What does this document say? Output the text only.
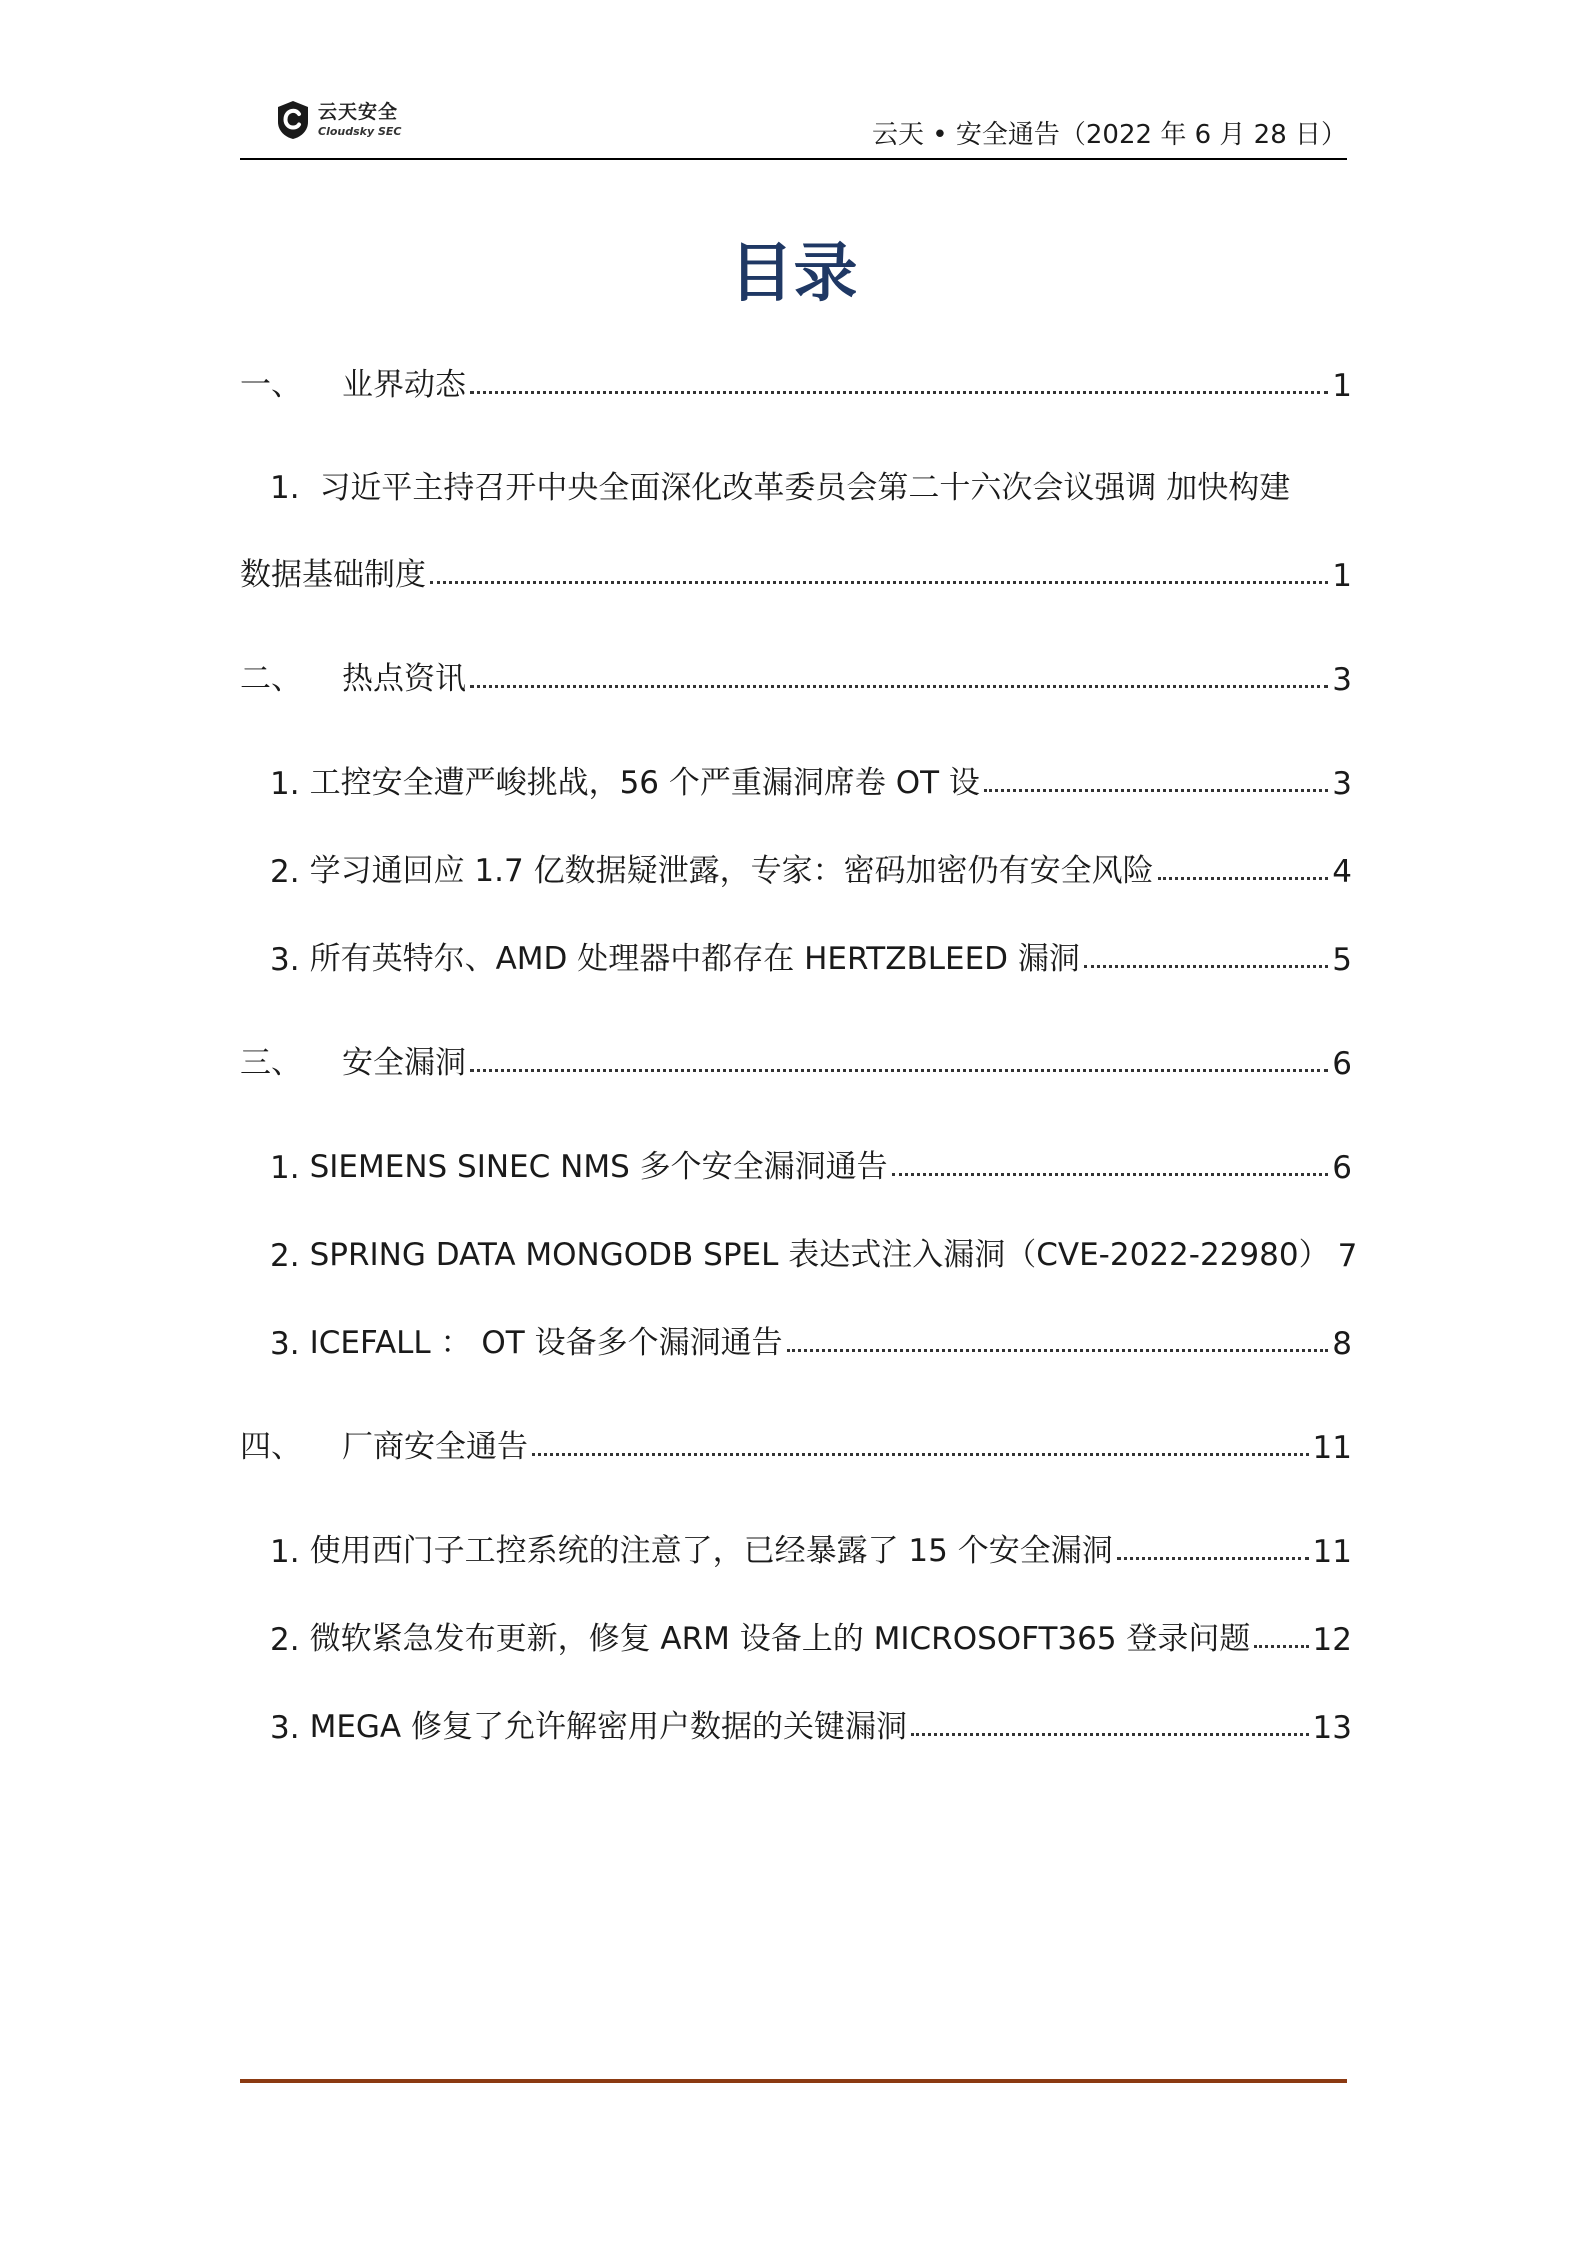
云天安全
Cloudsky SEC	云天 • 安全通告（2022 年 6 月 28 日）
目录
一、 业界动态	1
1. 习近平主持召开中央全面深化改革委员会第二十六次会议强调 加快构建
数据基础制度	1
二、 热点资讯	3
1. 工控安全遭严峻挑战，56 个严重漏洞席卷 OT 设	3
2. 学习通回应 1.7 亿数据疑泄露，专家：密码加密仍有安全风险	4
3. 所有英特尔、AMD 处理器中都存在 HERTZBLEED 漏洞	5
三、 安全漏洞	6
1. SIEMENS SINEC NMS 多个安全漏洞通告	6
2. SPRING DATA MONGODB SPEL 表达式注入漏洞（CVE-2022-22980） 7
3. ICEFALL ： OT 设备多个漏洞通告	8
四、 厂商安全通告	11
1. 使用西门子工控系统的注意了，已经暴露了 15 个安全漏洞	11
2. 微软紧急发布更新，修复 ARM 设备上的 MICROSOFT365 登录问题 12
3. MEGA 修复了允许解密用户数据的关键漏洞	13
